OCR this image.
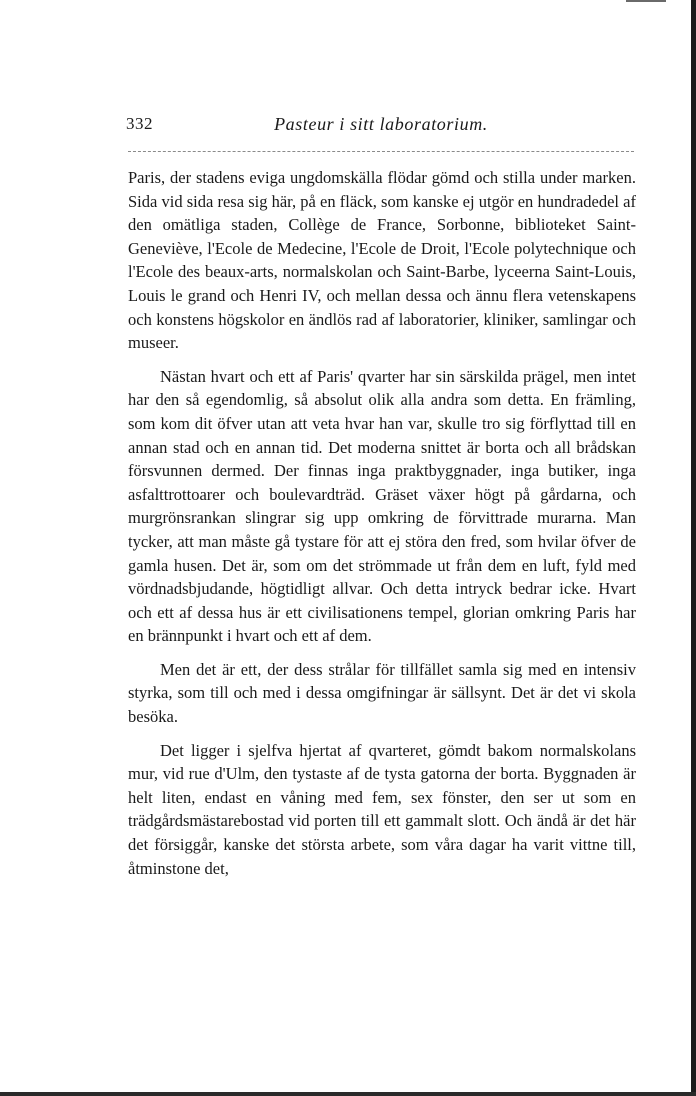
332	Pasteur i sitt laboratorium.

Paris, der stadens eviga ungdomskälla flödar gömd och stilla under marken. Sida vid sida resa sig här, på en fläck, som kanske ej utgör en hundradedel af den omätliga staden, Collège de France, Sorbonne, biblioteket Saint-Geneviève, l'Ecole de Medecine, l'Ecole de Droit, l'Ecole polytechnique och l'Ecole des beaux-arts, normalskolan och Saint-Barbe, lyceerna Saint-Louis, Louis le grand och Henri IV, och mellan dessa och ännu flera vetenskapens och konstens högskolor en ändlös rad af laboratorier, kliniker, samlingar och museer.

Nästan hvart och ett af Paris' qvarter har sin särskilda prägel, men intet har den så egendomlig, så absolut olik alla andra som detta. En främling, som kom dit öfver utan att veta hvar han var, skulle tro sig förflyttad till en annan stad och en annan tid. Det moderna snittet är borta och all brådskan försvunnen dermed. Der finnas inga praktbyggnader, inga butiker, inga asfalttrottoarer och boulevardträd. Gräset växer högt på gårdarna, och murgrönsrankan slingrar sig upp omkring de förvittrade murarna. Man tycker, att man måste gå tystare för att ej störa den fred, som hvilar öfver de gamla husen. Det är, som om det strömmade ut från dem en luft, fyld med vördnadsbjudande, högtidligt allvar. Och detta intryck bedrar icke. Hvart och ett af dessa hus är ett civilisationens tempel, glorian omkring Paris har en brännpunkt i hvart och ett af dem.

Men det är ett, der dess strålar för tillfället samla sig med en intensiv styrka, som till och med i dessa omgifningar är sällsynt. Det är det vi skola besöka.

Det ligger i sjelfva hjertat af qvarteret, gömdt bakom normalskolans mur, vid rue d'Ulm, den tystaste af de tysta gatorna der borta. Byggnaden är helt liten, endast en våning med fem, sex fönster, den ser ut som en trädgårdsmästarebostad vid porten till ett gammalt slott. Och ändå är det här det försiggår, kanske det största arbete, som våra dagar ha varit vittne till, åtminstone det,
